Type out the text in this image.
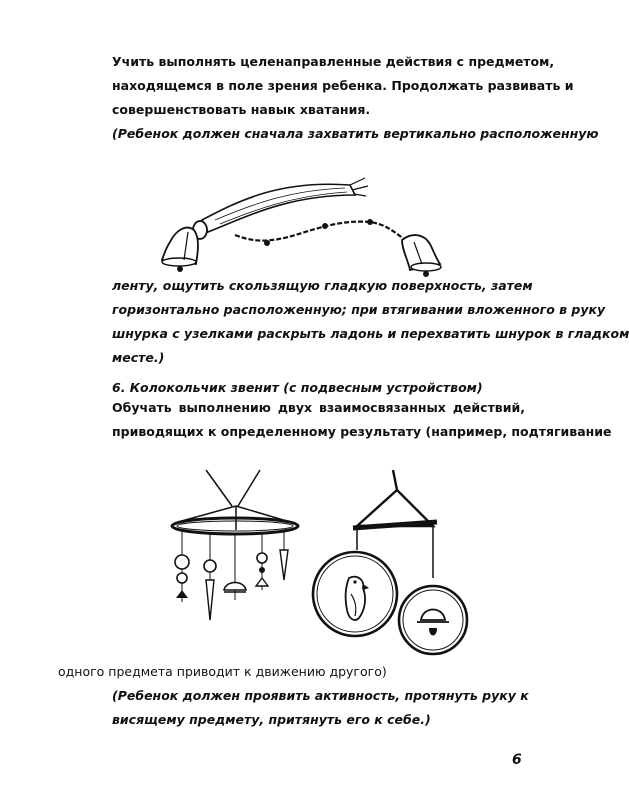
Учить выполнять целенаправленные действия с предметом,
находящемся в поле зрения ребенка. Продолжать развивать и
совершенствовать навык хватания.
(Ребенок должен сначала захватить вертикально расположенную
ленту, ощутить скользящую гладкую поверхность, затем
горизонтально расположенную; при втягивании вложенного в руку
шнурка с узелками раскрыть ладонь и перехватить шнурок в гладком
месте.)
6. Колокольчик звенит (с подвесным устройством)
Обучать выполнению двух взаимосвязанных действий,
приводящих к определенному результату (например, подтягивание
одного предмета приводит к движению другого)
(Ребенок должен проявить активность, протянуть руку к
висящему предмету, притянуть его к себе.)
6
